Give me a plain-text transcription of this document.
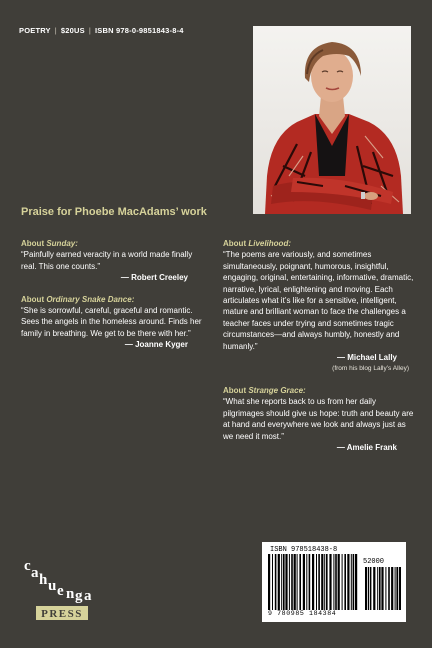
POETRY | $20US | ISBN 978-0-9851843-8-4
Praise for Phoebe MacAdams’ work
About Sunday:
“Painfully earned veracity in a world made finally real. This one counts.”
— Robert Creeley
About Ordinary Snake Dance:
“She is sorrowful, careful, graceful and romantic. Sees the angels in the homeless around. Finds her family in breathing. We get to be there with her.”
— Joanne Kyger
About Livelihood:
“The poems are variously, and sometimes simultaneously, poignant, humorous, insightful, engaging, original, entertaining, informative, dramatic, narrative, lyrical, enlightening and moving. Each articulates what it’s like for a sensitive, intelligent, mature and brilliant woman to face the challenges a teacher faces under trying and sometimes tragic circumstances—and always humbly, honestly and humanly.”
— Michael Lally
(from his blog Lally’s Alley)
About Strange Grace:
“What she reports back to us from her daily pilgrimages should give us hope: truth and beauty are at hand and everywhere we look and always just as we need it most.”
— Amelie Frank
c a h u e n g a
PRESS
ISBN 978518438-8
52000
9 780985 184384
